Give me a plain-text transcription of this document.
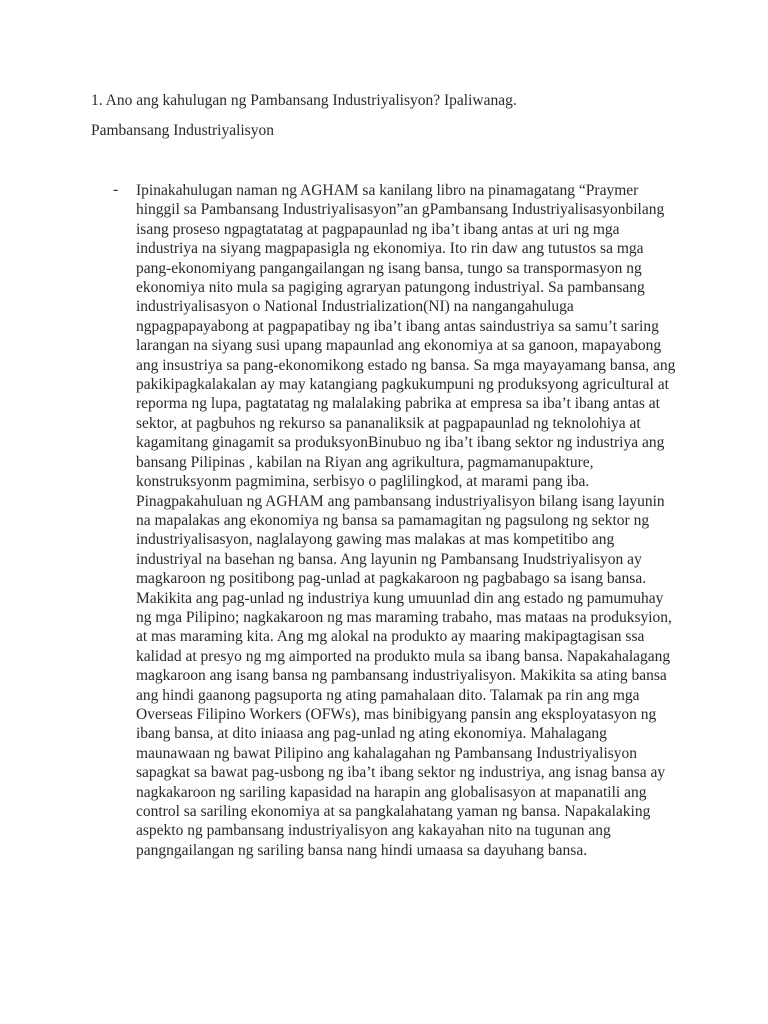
1. Ano ang kahulugan ng Pambansang Industriyalisyon? Ipaliwanag.
Pambansang Industriyalisyon
- Ipinakahulugan naman ng AGHAM sa kanilang libro na pinamagatang “Praymer
hinggil sa Pambansang Industriyalisasyon”an gPambansang Industriyalisasyonbilang
isang proseso ngpagtatatag at pagpapaunlad ng iba’t ibang antas at uri ng mga
industriya na siyang magpapasigla ng ekonomiya. Ito rin daw ang tutustos sa mga
pang-ekonomiyang pangangailangan ng isang bansa, tungo sa transpormasyon ng
ekonomiya nito mula sa pagiging agraryan patungong industriyal. Sa pambansang
industriyalisasyon o National Industrialization(NI) na nangangahuluga
ngpagpapayabong at pagpapatibay ng iba’t ibang antas saindustriya sa samu’t saring
larangan na siyang susi upang mapaunlad ang ekonomiya at sa ganoon, mapayabong
ang insustriya sa pang-ekonomikong estado ng bansa. Sa mga mayayamang bansa, ang
pakikipagkalakalan ay may katangiang pagkukumpuni ng produksyong agricultural at
reporma ng lupa, pagtatatag ng malalaking pabrika at empresa sa iba’t ibang antas at
sektor, at pagbuhos ng rekurso sa pananaliksik at pagpapaunlad ng teknolohiya at
kagamitang ginagamit sa produksyonBinubuo ng iba’t ibang sektor ng industriya ang
bansang Pilipinas , kabilan na Riyan ang agrikultura, pagmamanupakture,
konstruksyonm pagmimina, serbisyo o paglilingkod, at marami pang iba.
Pinagpakahuluan ng AGHAM ang pambansang industriyalisyon bilang isang layunin
na mapalakas ang ekonomiya ng bansa sa pamamagitan ng pagsulong ng sektor ng
industriyalisasyon, naglalayong gawing mas malakas at mas kompetitibo ang
industriyal na basehan ng bansa. Ang layunin ng Pambansang Inudstriyalisyon ay
magkaroon ng positibong pag-unlad at pagkakaroon ng pagbabago sa isang bansa.
Makikita ang pag-unlad ng industriya kung umuunlad din ang estado ng pamumuhay
ng mga Pilipino; nagkakaroon ng mas maraming trabaho, mas mataas na produksyion,
at mas maraming kita. Ang mg alokal na produkto ay maaring makipagtagisan ssa
kalidad at presyo ng mg aimported na produkto mula sa ibang bansa. Napakahalagang
magkaroon ang isang bansa ng pambansang industriyalisyon. Makikita sa ating bansa
ang hindi gaanong pagsuporta ng ating pamahalaan dito. Talamak pa rin ang mga
Overseas Filipino Workers (OFWs), mas binibigyang pansin ang eksployatasyon ng
ibang bansa, at dito iniaasa ang pag-unlad ng ating ekonomiya. Mahalagang
maunawaan ng bawat Pilipino ang kahalagahan ng Pambansang Industriyalisyon
sapagkat sa bawat pag-usbong ng iba’t ibang sektor ng industriya, ang isnag bansa ay
nagkakaroon ng sariling kapasidad na harapin ang globalisasyon at mapanatili ang
control sa sariling ekonomiya at sa pangkalahatang yaman ng bansa. Napakalaking
aspekto ng pambansang industriyalisyon ang kakayahan nito na tugunan ang
pangngailangan ng sariling bansa nang hindi umaasa sa dayuhang bansa.
